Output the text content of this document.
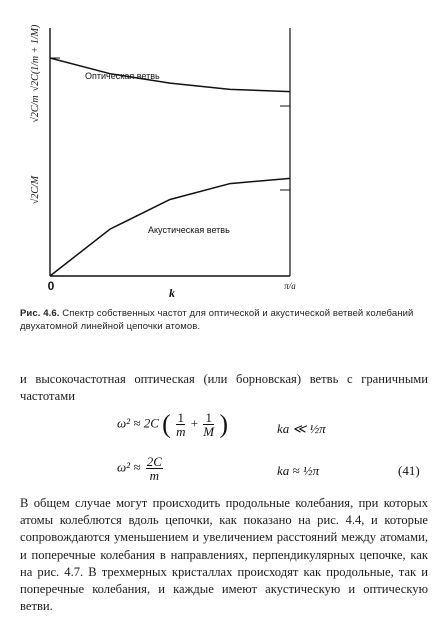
√2C(1/m + 1/M)
√2C/m
√2C/M
0	π/a
k
Оптическая ветвь
Акустическая ветвь
Рис. 4.6. Спектр собственных частот для оптической и акустической ветвей колебаний двухатомной линейной цепочки атомов.
и высокочастотная оптическая (или борновская) ветвь с граничными частотами
ω² ≈ 2C ( $\frac{1}{m} + \frac{1}{M}$ )	ka ≪ ½π
$\omega^2 \approx \frac{2C}{m}$	ka ≈ ½π	(41)
В общем случае могут происходить продольные колебания, при которых атомы колеблются вдоль цепочки, как показано на рис. 4.4, и которые сопровождаются уменьшением и увеличением расстояний между атомами, и поперечные колебания в направлениях, перпендикулярных цепочке, как на рис. 4.7. В трехмерных кристаллах происходят как продольные, так и поперечные колебания, и каждые имеют акустическую и оптическую ветви.
